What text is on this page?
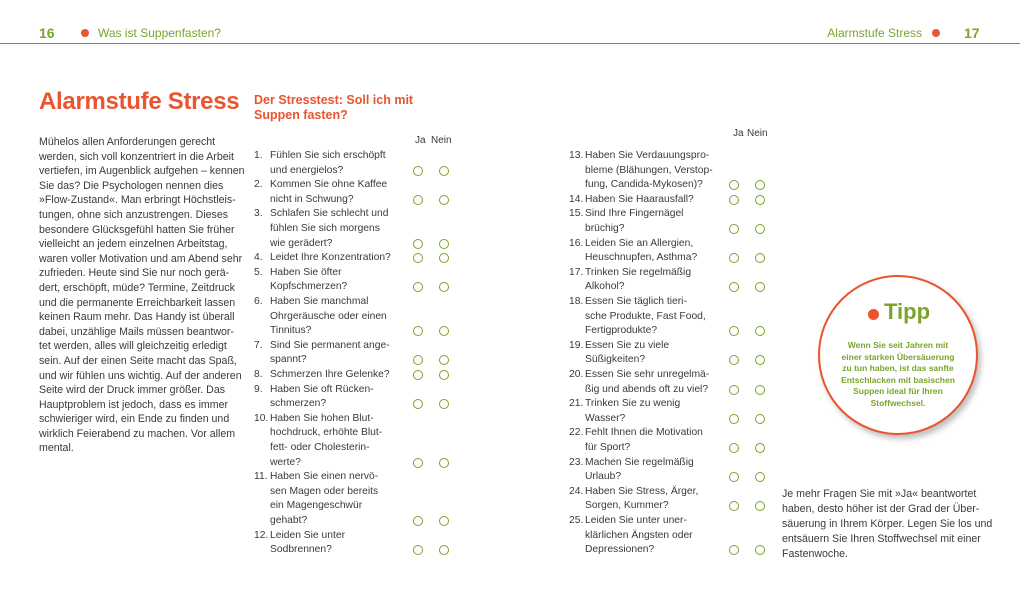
16	Was ist Suppenfasten?	Alarmstufe Stress	17
Alarmstufe Stress
Mühelos allen Anforderungen gerecht
werden, sich voll konzentriert in die Arbeit
vertiefen, im Augenblick aufgehen – kennen
Sie das? Die Psychologen nennen dies
»Flow-Zustand«. Man erbringt Höchstleis-
tungen, ohne sich anzustrengen. Dieses
besondere Glücksgefühl hatten Sie früher
vielleicht an jedem einzelnen Arbeitstag,
waren voller Motivation und am Abend sehr
zufrieden. Heute sind Sie nur noch gerä-
dert, erschöpft, müde? Termine, Zeitdruck
und die permanente Erreichbarkeit lassen
keinen Raum mehr. Das Handy ist überall
dabei, unzählige Mails müssen beantwor-
tet werden, alles will gleichzeitig erledigt
sein. Auf der einen Seite macht das Spaß,
und wir fühlen uns wichtig. Auf der anderen
Seite wird der Druck immer größer. Das
Hauptproblem ist jedoch, dass es immer
schwieriger wird, ein Ende zu finden und
wirklich Feierabend zu machen. Vor allem
mental.
Der Stresstest: Soll ich mit
Suppen fasten?
Ja Nein
Ja Nein
1. Fühlen Sie sich erschöpft
und energielos?
2. Kommen Sie ohne Kaffee
nicht in Schwung?
3. Schlafen Sie schlecht und
fühlen Sie sich morgens
wie gerädert?
4. Leidet Ihre Konzentration?
5. Haben Sie öfter
Kopfschmerzen?
6. Haben Sie manchmal
Ohrgeräusche oder einen
Tinnitus?
7. Sind Sie permanent ange-
spannt?
8. Schmerzen Ihre Gelenke?
9. Haben Sie oft Rücken-
schmerzen?
10. Haben Sie hohen Blut-
hochdruck, erhöhte Blut-
fett- oder Cholesterin-
werte?
11. Haben Sie einen nervö-
sen Magen oder bereits
ein Magengeschwür
gehabt?
12. Leiden Sie unter
Sodbrennen?
13. Haben Sie Verdauungspro-
bleme (Blähungen, Verstop-
fung, Candida-Mykosen)?
14. Haben Sie Haarausfall?
15. Sind Ihre Fingernägel
brüchig?
16. Leiden Sie an Allergien,
Heuschnupfen, Asthma?
17. Trinken Sie regelmäßig
Alkohol?
18. Essen Sie täglich tieri-
sche Produkte, Fast Food,
Fertigprodukte?
19. Essen Sie zu viele
Süßigkeiten?
20. Essen Sie sehr unregelmä-
ßig und abends oft zu viel?
21. Trinken Sie zu wenig
Wasser?
22. Fehlt Ihnen die Motivation
für Sport?
23. Machen Sie regelmäßig
Urlaub?
24. Haben Sie Stress, Ärger,
Sorgen, Kummer?
25. Leiden Sie unter uner-
klärlichen Ängsten oder
Depressionen?
Tipp
Wenn Sie seit Jahren mit
einer starken Übersäuerung
zu tun haben, ist das sanfte
Entschlacken mit basischen
Suppen ideal für Ihren
Stoffwechsel.
Je mehr Fragen Sie mit »Ja« beantwortet
haben, desto höher ist der Grad der Über-
säuerung in Ihrem Körper. Legen Sie los und
entsäuern Sie Ihren Stoffwechsel mit einer
Fastenwoche.
